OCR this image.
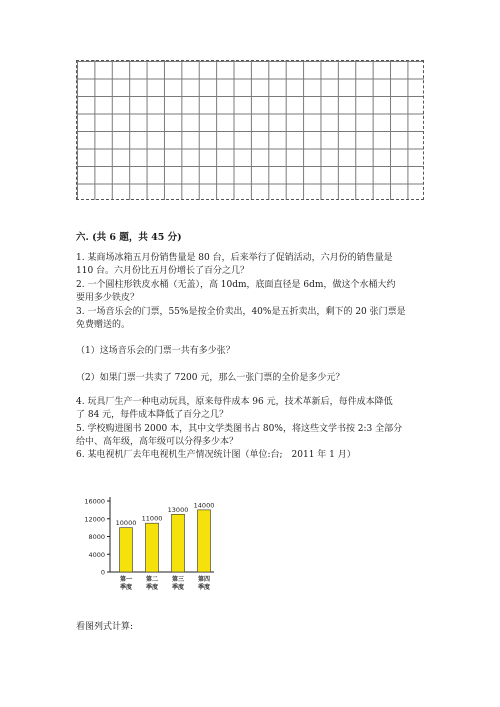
六. (共 6 题，共 45 分)
1. 某商场冰箱五月份销售量是 80 台，后来举行了促销活动，六月份的销售量是
110 台。六月份比五月份增长了百分之几？
2. 一个圆柱形铁皮水桶（无盖），高 10dm，底面直径是 6dm，做这个水桶大约
要用多少铁皮？
3. 一场音乐会的门票，55%是按全价卖出，40%是五折卖出，剩下的 20 张门票是
免费赠送的。
（1）这场音乐会的门票一共有多少张？
（2）如果门票一共卖了 7200 元，那么一张门票的全价是多少元？
4. 玩具厂生产一种电动玩具，原来每件成本 96 元，技术革新后，每件成本降低
了 84 元，每件成本降低了百分之几？
5. 学校购进图书 2000 本，其中文学类图书占 80%，将这些文学书按 2:3 全部分
给中、高年级，高年级可以分得多少本？
6. 某电视机厂去年电视机生产情况统计图（单位:台;　2011 年 1 月）
0
4000
8000
12000
16000
10000
第一
季度
11000
第二
季度
13000
第三
季度
14000
第四
季度
看图列式计算:
